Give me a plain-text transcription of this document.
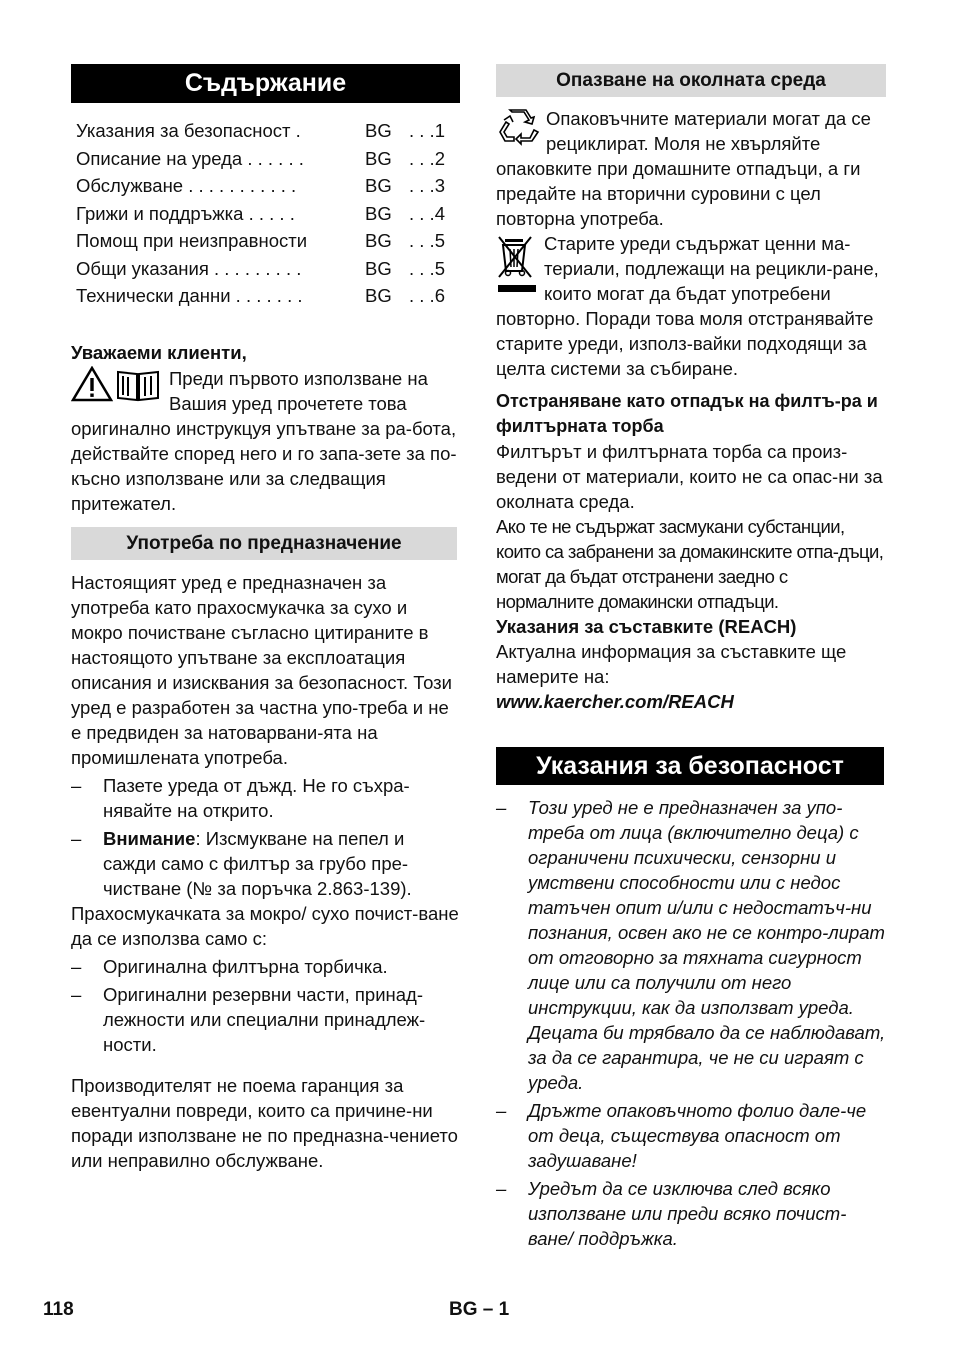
Съдържание
Указания за безопасност .	BG . . .1
Описание на уреда . . . . . .	BG . . .2
Обслужване . . . . . . . . . . .	BG . . .3
Грижи и поддръжка . . . . .	BG . . .4
Помощ при неизправности	BG . . .5
Общи указания . . . . . . . . .	BG . . .5
Технически данни . . . . . . .	BG . . .6

Уважаеми клиенти,

Преди първото използване на Вашия уред прочетете това оригинално инструкцуя упътване за ра-бота, действайте според него и го запа-зете за по-късно използване или за следващия притежател.

Употреба по предназначение

Настоящият уред е предназначен за употреба като прахосмукачка за сухо и мокро почистване съгласно цитираните в настоящото упътване за експлоатация описания и изисквания за безопасност. Този уред е разработен за частна упо-треба и не е предвиден за натоварвани-ята на промишлената употреба.

– Пазете уреда от дъжд. Не го съхра-нявайте на открито.
– Внимание: Изсмукване на пепел и сажди само с филтър за грубо пре-чистване (№ за поръчка 2.863-139).

Прахосмукачката за мокро/ сухо почист-ване да се използва само с:

– Оригинална филтърна торбичка.
– Оригинални резервни части, принад-лежности или специални принадлеж-ности.

Производителят не поема гаранция за евентуални повреди, които са причине-ни поради използване не по предназна-чението или неправилно обслужване.

Опазване на околната среда

Опаковъчните материали могат да се рециклират. Моля не хвърляйте опаковките при домашните отпадъци, а ги предайте на вторични суровини с цел повторна употреба.

Старите уреди съдържат ценни ма-териали, подлежащи на рецикли-ране, които могат да бъдат употребени повторно. Поради това моля отстранявайте старите уреди, използ-вайки подходящи за целта системи за събиране.

Отстраняване като отпадък на филтъ-ра и филтърната торба

Филтърът и филтърната торба са произ-ведени от материали, които не са опас-ни за околната среда.

Ако те не съдържат засмукани субстанции, които са забранени за домакинските отпа-дъци, могат да бъдат отстранени заедно с нормалните домакински отпадъци.

Указания за съставките (REACH)

Актуална информация за съставките ще намерите на:

www.kaercher.com/REACH

Указания за безопасност
– Този уред не е предназначен за упо-треба от лица (включително деца) с ограничени психически, сензорни и умствени способности или с недос татъчен опит и/или с недостатъч-ни познания, освен ако не се контро-лират от отговорно за тяхната сигурност лице или са получили от него инструкции, как да използват уреда. Децата би трябвало да се наблюдават, за да се гарантира, че не си играят с уреда.
– Дръжте опаковъчното фолио дале-че от деца, съществува опасност от задушаване!
– Уредът да се изключва след всяко използване или преди всяко почист-ване/ поддръжка.
118	BG – 1
